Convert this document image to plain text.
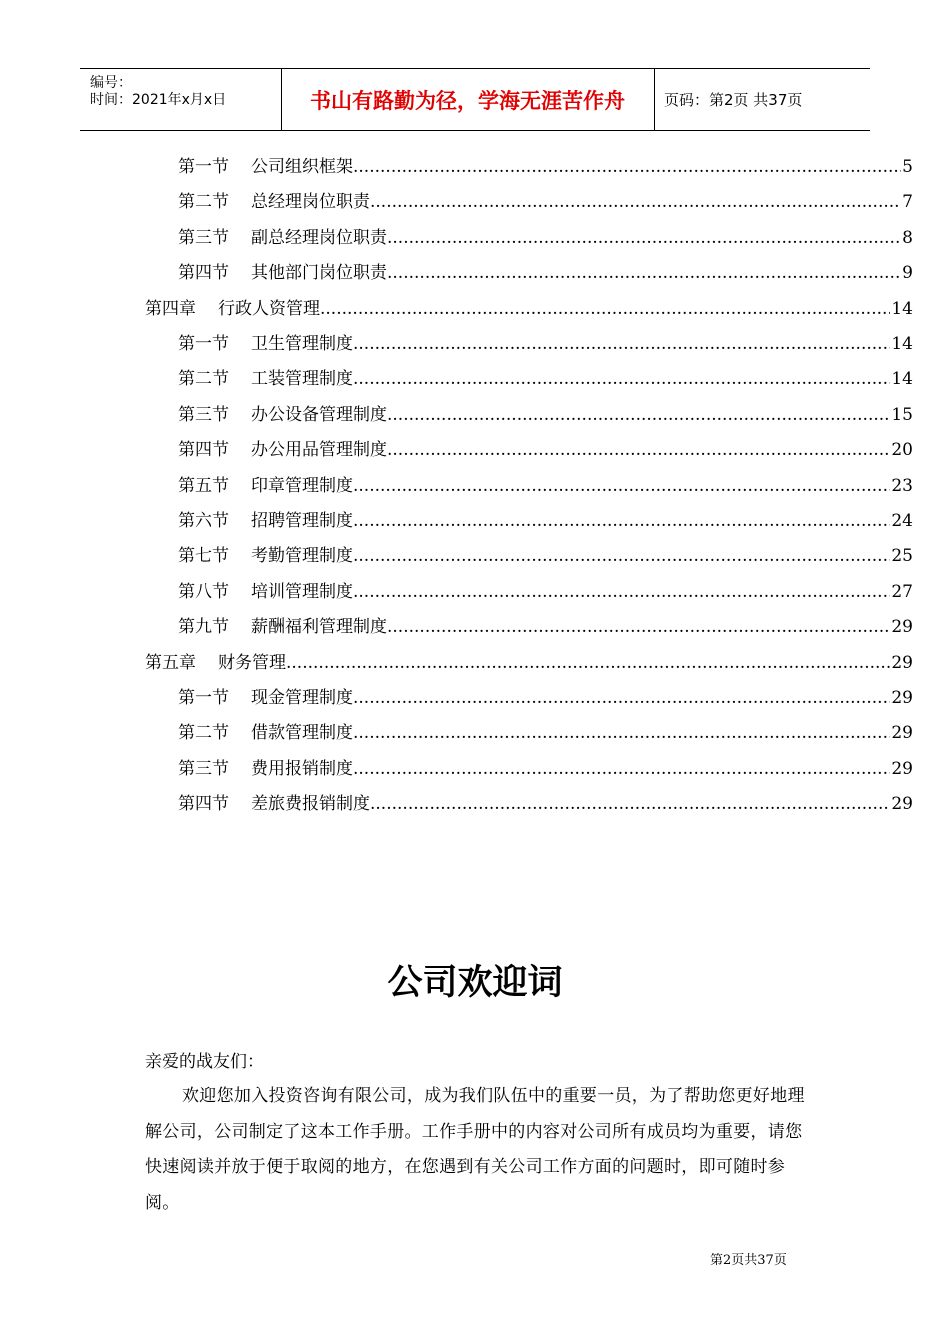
编号：
时间：2021年x月x日	书山有路勤为径，学海无涯苦作舟	页码：第2页 共37页
第一节 公司组织框架 .....	5
第二节 总经理岗位职责 .....	7
第三节 副总经理岗位职责 .....	8
第四节 其他部门岗位职责 .....	9
第四章 行政人资管理 .....	14
第一节 卫生管理制度 .....	14
第二节 工装管理制度 .....	14
第三节 办公设备管理制度 .....	15
第四节 办公用品管理制度 .....	20
第五节 印章管理制度 .....	23
第六节 招聘管理制度 .....	24
第七节 考勤管理制度 .....	25
第八节 培训管理制度 .....	27
第九节 薪酬福利管理制度 .....	29
第五章 财务管理 .....	29
第一节 现金管理制度 .....	29
第二节 借款管理制度 .....	29
第三节 费用报销制度 .....	29
第四节 差旅费报销制度 .....	29
公司欢迎词
亲爱的战友们：
欢迎您加入投资咨询有限公司，成为我们队伍中的重要一员，为了帮助您更好地理解公司，公司制定了这本工作手册。工作手册中的内容对公司所有成员均为重要，请您快速阅读并放于便于取阅的地方，在您遇到有关公司工作方面的问题时，即可随时参阅。
第2页共37页
